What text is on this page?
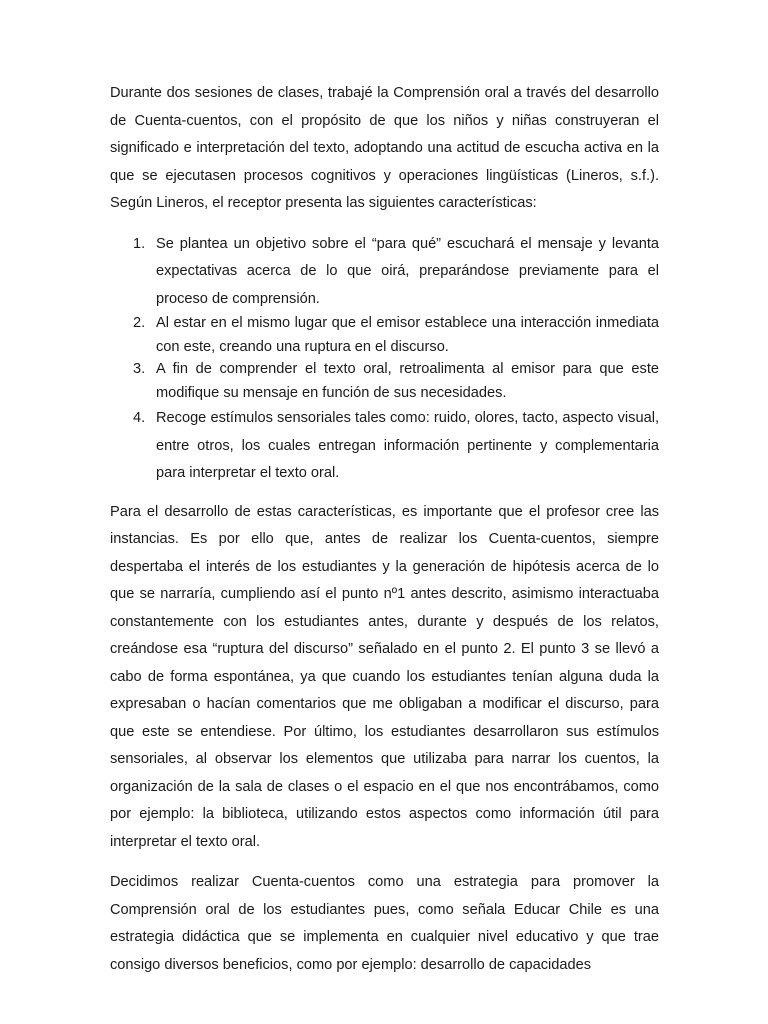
Durante dos sesiones de clases, trabajé la Comprensión oral a través del desarrollo de Cuenta-cuentos, con el propósito de que los niños y niñas construyeran el significado e interpretación del texto, adoptando una actitud de escucha activa en la que se ejecutasen procesos cognitivos y operaciones lingüísticas (Lineros, s.f.). Según Lineros, el receptor presenta las siguientes características:

1. Se plantea un objetivo sobre el “para qué” escuchará el mensaje y levanta expectativas acerca de lo que oirá, preparándose previamente para el proceso de comprensión.
2. Al estar en el mismo lugar que el emisor establece una interacción inmediata con este, creando una ruptura en el discurso.
3. A fin de comprender el texto oral, retroalimenta al emisor para que este modifique su mensaje en función de sus necesidades.
4. Recoge estímulos sensoriales tales como: ruido, olores, tacto, aspecto visual, entre otros, los cuales entregan información pertinente y complementaria para interpretar el texto oral.

Para el desarrollo de estas características, es importante que el profesor cree las instancias. Es por ello que, antes de realizar los Cuenta-cuentos, siempre despertaba el interés de los estudiantes y la generación de hipótesis acerca de lo que se narraría, cumpliendo así el punto nº1 antes descrito, asimismo interactuaba constantemente con los estudiantes antes, durante y después de los relatos, creándose esa “ruptura del discurso” señalado en el punto 2. El punto 3 se llevó a cabo de forma espontánea, ya que cuando los estudiantes tenían alguna duda la expresaban o hacían comentarios que me obligaban a modificar el discurso, para que este se entendiese. Por último, los estudiantes desarrollaron sus estímulos sensoriales, al observar los elementos que utilizaba para narrar los cuentos, la organización de la sala de clases o el espacio en el que nos encontrábamos, como por ejemplo: la biblioteca, utilizando estos aspectos como información útil para interpretar el texto oral.

Decidimos realizar Cuenta-cuentos como una estrategia para promover la Comprensión oral de los estudiantes pues, como señala Educar Chile es una estrategia didáctica que se implementa en cualquier nivel educativo y que trae consigo diversos beneficios, como por ejemplo: desarrollo de capacidades
